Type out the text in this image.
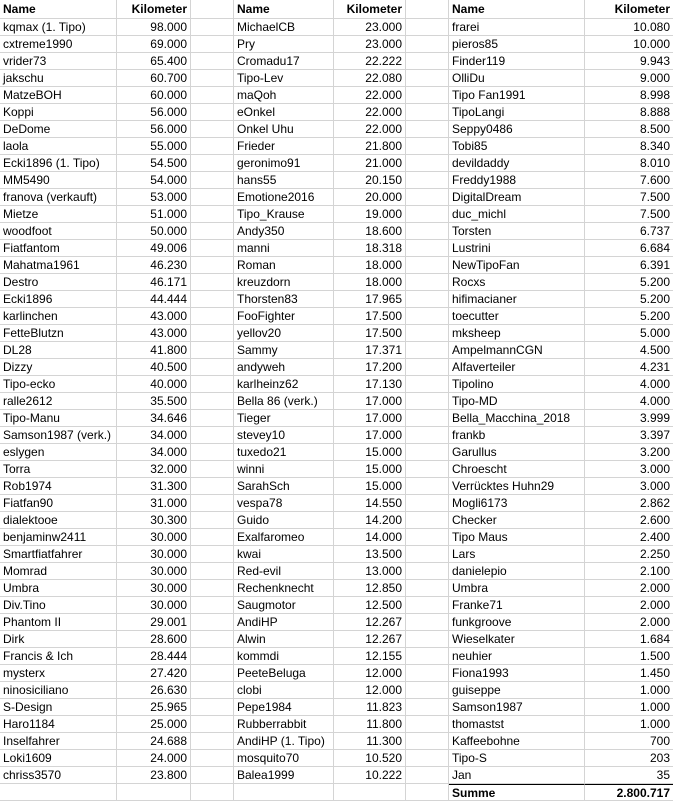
Name	Kilometer
kqmax (1. Tipo)	98.000
cxtreme1990	69.000
vrider73	65.400
jakschu	60.700
MatzeBOH	60.000
Koppi	56.000
DeDome	56.000
laola	55.000
Ecki1896 (1. Tipo)	54.500
MM5490	54.000
franova (verkauft)	53.000
Mietze	51.000
woodfoot	50.000
Fiatfantom	49.006
Mahatma1961	46.230
Destro	46.171
Ecki1896	44.444
karlinchen	43.000
FetteBlutzn	43.000
DL28	41.800
Dizzy	40.500
Tipo-ecko	40.000
ralle2612	35.500
Tipo-Manu	34.646
Samson1987 (verk.)	34.000
eslygen	34.000
Torra	32.000
Rob1974	31.300
Fiatfan90	31.000
dialektooe	30.300
benjaminw2411	30.000
Smartfiatfahrer	30.000
Momrad	30.000
Umbra	30.000
Div.Tino	30.000
Phantom II	29.001
Dirk	28.600
Francis & Ich	28.444
mysterx	27.420
ninosiciliano	26.630
S-Design	25.965
Haro1184	25.000
Inselfahrer	24.688
Loki1609	24.000
chriss3570	23.800
Name	Kilometer
MichaelCB	23.000
Pry	23.000
Cromadu17	22.222
Tipo-Lev	22.080
maQoh	22.000
eOnkel	22.000
Onkel Uhu	22.000
Frieder	21.800
geronimo91	21.000
hans55	20.150
Emotione2016	20.000
Tipo_Krause	19.000
Andy350	18.600
manni	18.318
Roman	18.000
kreuzdorn	18.000
Thorsten83	17.965
FooFighter	17.500
yellov20	17.500
Sammy	17.371
andyweh	17.200
karlheinz62	17.130
Bella 86 (verk.)	17.000
Tieger	17.000
stevey10	17.000
tuxedo21	15.000
winni	15.000
SarahSch	15.000
vespa78	14.550
Guido	14.200
Exalfaromeo	14.000
kwai	13.500
Red-evil	13.000
Rechenknecht	12.850
Saugmotor	12.500
AndiHP	12.267
Alwin	12.267
kommdi	12.155
PeeteBeluga	12.000
clobi	12.000
Pepe1984	11.823
Rubberrabbit	11.800
AndiHP (1. Tipo)	11.300
mosquito70	10.520
Balea1999	10.222
Name	Kilometer
frarei	10.080
pieros85	10.000
Finder119	9.943
OlliDu	9.000
Tipo Fan1991	8.998
TipoLangi	8.888
Seppy0486	8.500
Tobi85	8.340
devildaddy	8.010
Freddy1988	7.600
DigitalDream	7.500
duc_michl	7.500
Torsten	6.737
Lustrini	6.684
NewTipoFan	6.391
Rocxs	5.200
hifimacianer	5.200
toecutter	5.200
mksheep	5.000
AmpelmannCGN	4.500
Alfaverteiler	4.231
Tipolino	4.000
Tipo-MD	4.000
Bella_Macchina_2018	3.999
frankb	3.397
Garullus	3.200
Chroescht	3.000
Verrücktes Huhn29	3.000
Mogli6173	2.862
Checker	2.600
Tipo Maus	2.400
Lars	2.250
danielepio	2.100
Umbra	2.000
Franke71	2.000
funkgroove	2.000
Wieselkater	1.684
neuhier	1.500
Fiona1993	1.450
guiseppe	1.000
Samson1987	1.000
thomastst	1.000
Kaffeebohne	700
Tipo-S	203
Jan	35
Summe	2.800.717
